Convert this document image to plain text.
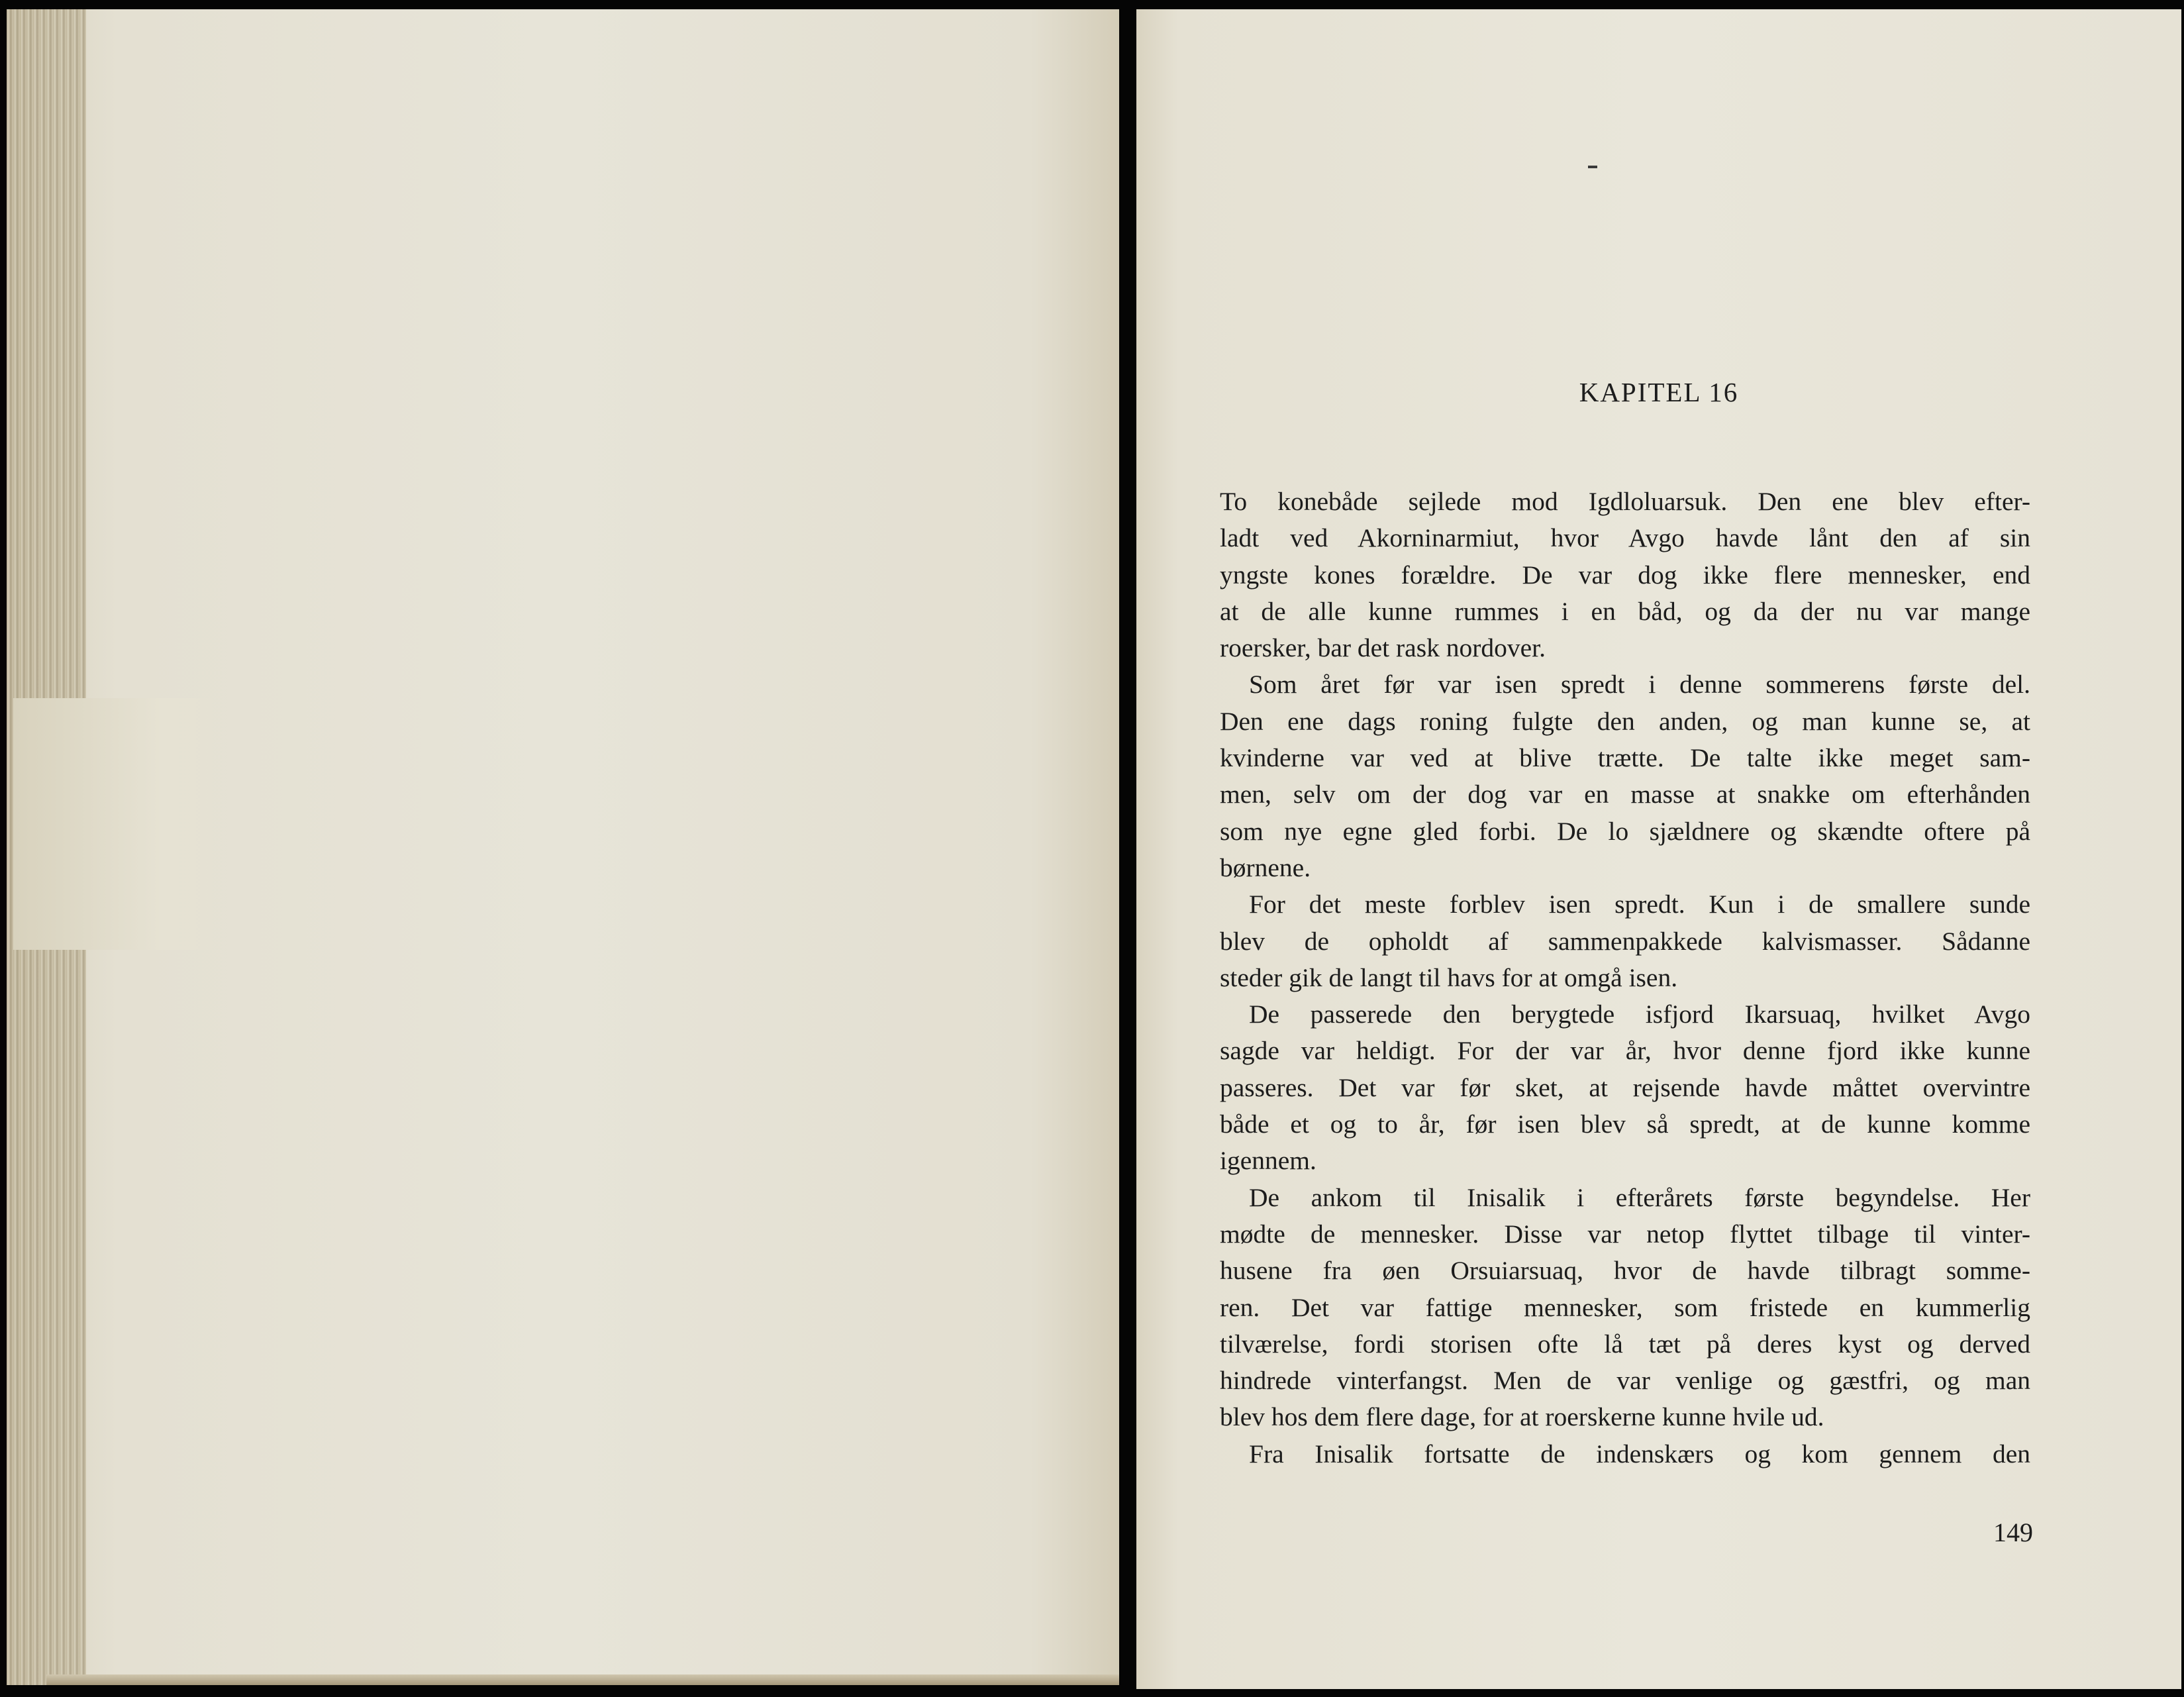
KAPITEL 16
To konebåde sejlede mod Igdloluarsuk. Den ene blev efter-
ladt ved Akorninarmiut, hvor Avgo havde lånt den af sin
yngste kones forældre. De var dog ikke flere mennesker, end
at de alle kunne rummes i en båd, og da der nu var mange
roersker, bar det rask nordover.
Som året før var isen spredt i denne sommerens første del.
Den ene dags roning fulgte den anden, og man kunne se, at
kvinderne var ved at blive trætte. De talte ikke meget sam-
men, selv om der dog var en masse at snakke om efterhånden
som nye egne gled forbi. De lo sjældnere og skændte oftere på
børnene.
For det meste forblev isen spredt. Kun i de smallere sunde
blev de opholdt af sammenpakkede kalvismasser. Sådanne
steder gik de langt til havs for at omgå isen.
De passerede den berygtede isfjord Ikarsuaq, hvilket Avgo
sagde var heldigt. For der var år, hvor denne fjord ikke kunne
passeres. Det var før sket, at rejsende havde måttet overvintre
både et og to år, før isen blev så spredt, at de kunne komme
igennem.
De ankom til Inisalik i efterårets første begyndelse. Her
mødte de mennesker. Disse var netop flyttet tilbage til vinter-
husene fra øen Orsuiarsuaq, hvor de havde tilbragt somme-
ren. Det var fattige mennesker, som fristede en kummerlig
tilværelse, fordi storisen ofte lå tæt på deres kyst og derved
hindrede vinterfangst. Men de var venlige og gæstfri, og man
blev hos dem flere dage, for at roerskerne kunne hvile ud.
Fra Inisalik fortsatte de indenskærs og kom gennem den

149
